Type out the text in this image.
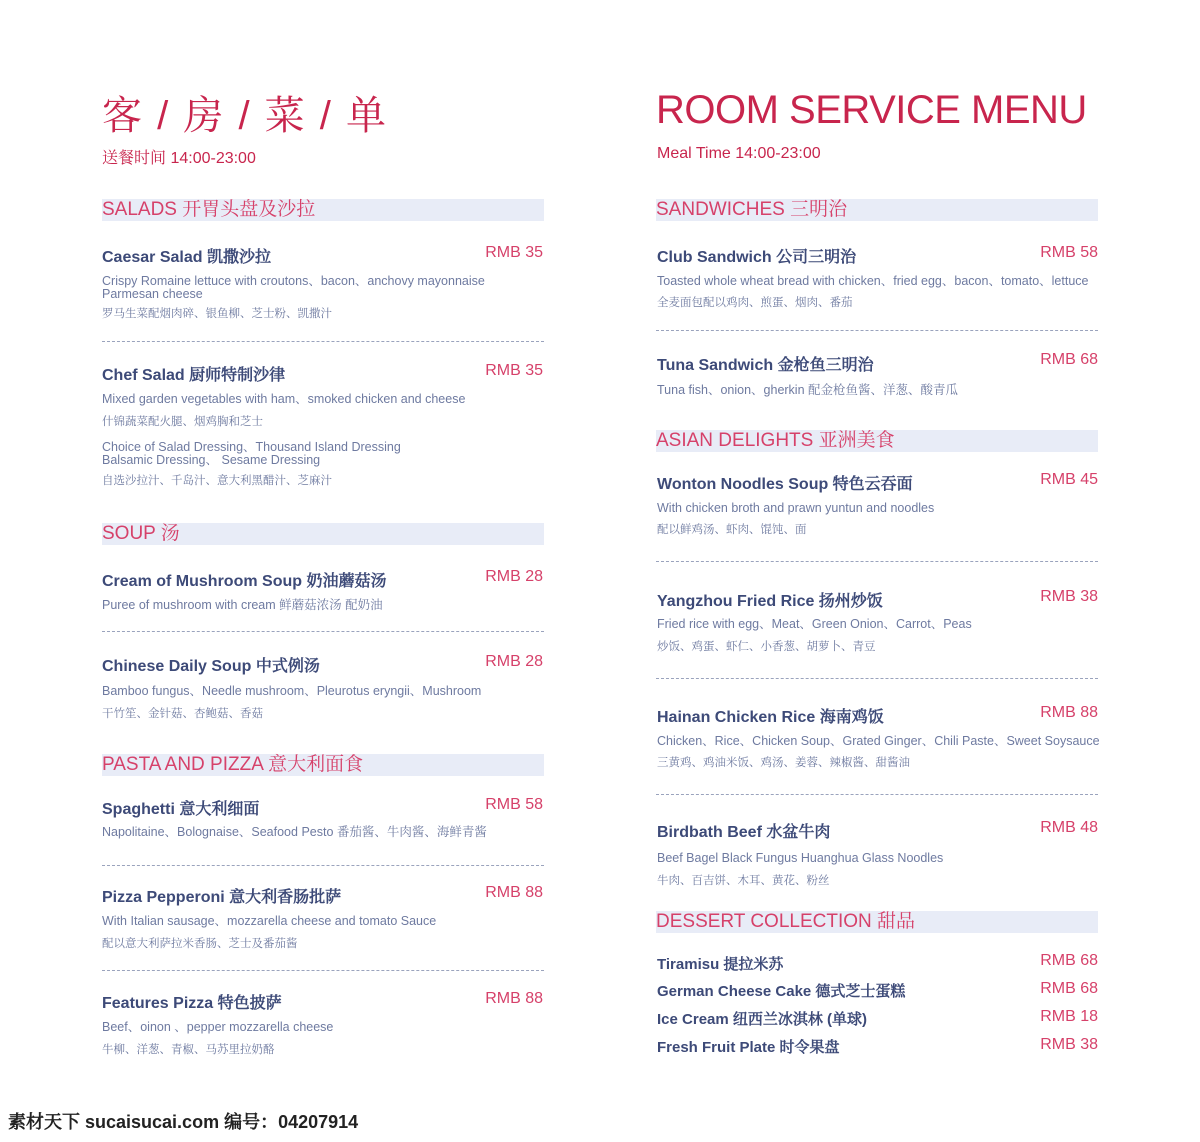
客 / 房 / 菜 / 单
送餐时间 14:00-23:00
ROOM SERVICE MENU
Meal Time 14:00-23:00
SALADS 开胃头盘及沙拉
Caesar Salad 凯撒沙拉	RMB 35
Crispy Romaine lettuce with croutons、bacon、anchovy mayonnaise
Parmesan cheese
罗马生菜配烟肉碎、银鱼柳、芝士粉、凯撒汁
Chef Salad 厨师特制沙律	RMB 35
Mixed garden vegetables with ham、smoked chicken and cheese
什锦蔬菜配火腿、烟鸡胸和芝士
Choice of Salad Dressing、Thousand Island Dressing
Balsamic Dressing、 Sesame Dressing
自选沙拉汁、千岛汁、意大利黑醋汁、芝麻汁
SOUP 汤
Cream of Mushroom Soup 奶油蘑菇汤	RMB 28
Puree of mushroom with cream 鲜蘑菇浓汤 配奶油
Chinese Daily Soup 中式例汤	RMB 28
Bamboo fungus、Needle mushroom、Pleurotus eryngii、Mushroom
干竹笙、金针菇、杏鲍菇、香菇
PASTA AND PIZZA 意大利面食
Spaghetti 意大利细面	RMB 58
Napolitaine、Bolognaise、Seafood Pesto 番茄酱、牛肉酱、海鲜青酱
Pizza Pepperoni 意大利香肠批萨	RMB 88
With Italian sausage、mozzarella cheese and tomato Sauce
配以意大利萨拉米香肠、芝士及番茄酱
Features Pizza 特色披萨	RMB 88
Beef、oinon 、pepper mozzarella cheese
牛柳、洋葱、青椒、马苏里拉奶酪
SANDWICHES 三明治
Club Sandwich 公司三明治	RMB 58
Toasted whole wheat bread with chicken、fried egg、bacon、tomato、lettuce
全麦面包配以鸡肉、煎蛋、烟肉、番茄
Tuna Sandwich 金枪鱼三明治	RMB 68
Tuna fish、onion、gherkin 配金枪鱼酱、洋葱、酸青瓜
ASIAN DELIGHTS 亚洲美食
Wonton Noodles Soup 特色云吞面	RMB 45
With chicken broth and prawn yuntun and noodles
配以鲜鸡汤、虾肉、馄饨、面
Yangzhou Fried Rice 扬州炒饭	RMB 38
Fried rice with egg、Meat、Green Onion、Carrot、Peas
炒饭、鸡蛋、虾仁、小香葱、胡萝卜、青豆
Hainan Chicken Rice 海南鸡饭	RMB 88
Chicken、Rice、Chicken Soup、Grated Ginger、Chili Paste、Sweet Soysauce
三黄鸡、鸡油米饭、鸡汤、姜蓉、辣椒酱、甜酱油
Birdbath Beef 水盆牛肉	RMB 48
Beef Bagel Black Fungus Huanghua Glass Noodles
牛肉、百吉饼、木耳、黄花、粉丝
DESSERT COLLECTION 甜品
Tiramisu 提拉米苏	RMB 68
German Cheese Cake 德式芝士蛋糕	RMB 68
Ice Cream 纽西兰冰淇林 (单球)	RMB 18
Fresh Fruit Plate 时令果盘	RMB 38
素材天下 sucaisucai.com 编号：04207914
